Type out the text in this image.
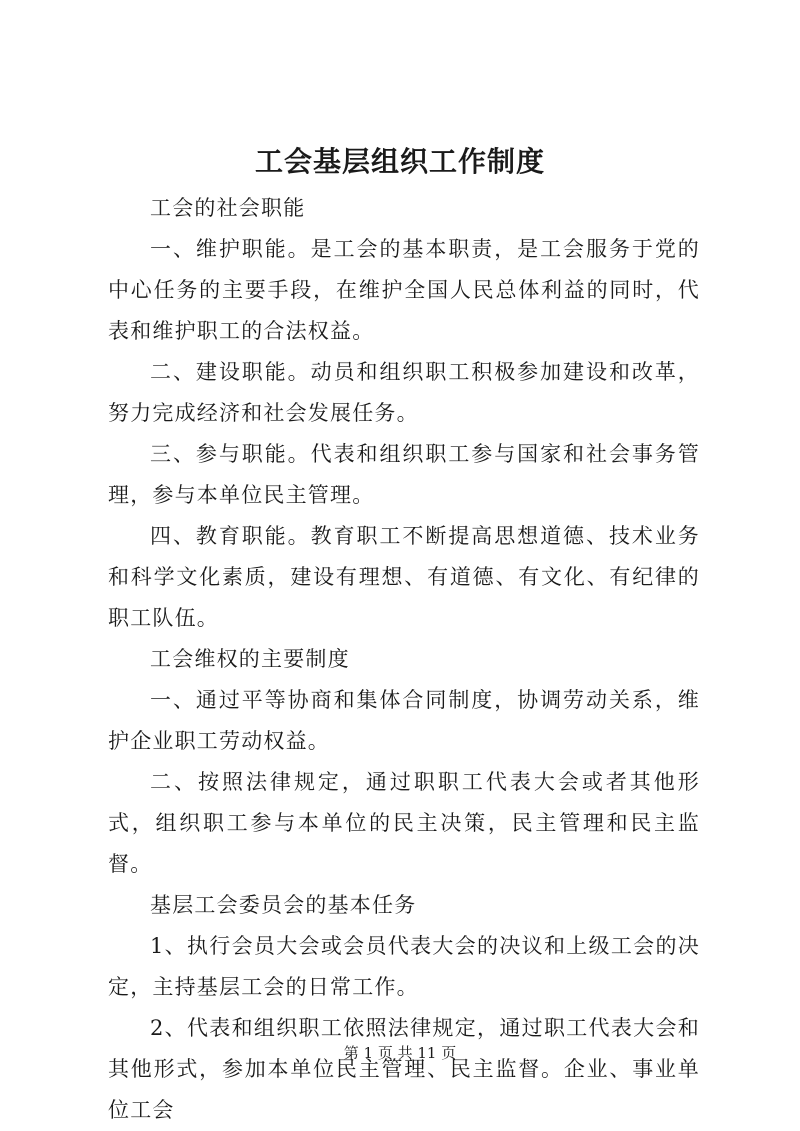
工会基层组织工作制度

工会的社会职能

一、维护职能。是工会的基本职责，是工会服务于党的中心任务的主要手段，在维护全国人民总体利益的同时，代表和维护职工的合法权益。

二、建设职能。动员和组织职工积极参加建设和改革，努力完成经济和社会发展任务。

三、参与职能。代表和组织职工参与国家和社会事务管理，参与本单位民主管理。

四、教育职能。教育职工不断提高思想道德、技术业务和科学文化素质，建设有理想、有道德、有文化、有纪律的职工队伍。

工会维权的主要制度

一、通过平等协商和集体合同制度，协调劳动关系，维护企业职工劳动权益。

二、按照法律规定，通过职职工代表大会或者其他形式，组织职工参与本单位的民主决策，民主管理和民主监督。

基层工会委员会的基本任务

1、执行会员大会或会员代表大会的决议和上级工会的决定，主持基层工会的日常工作。

2、代表和组织职工依照法律规定，通过职工代表大会和其他形式，参加本单位民主管理、民主监督。企业、事业单位工会

第 1 页 共 11 页
